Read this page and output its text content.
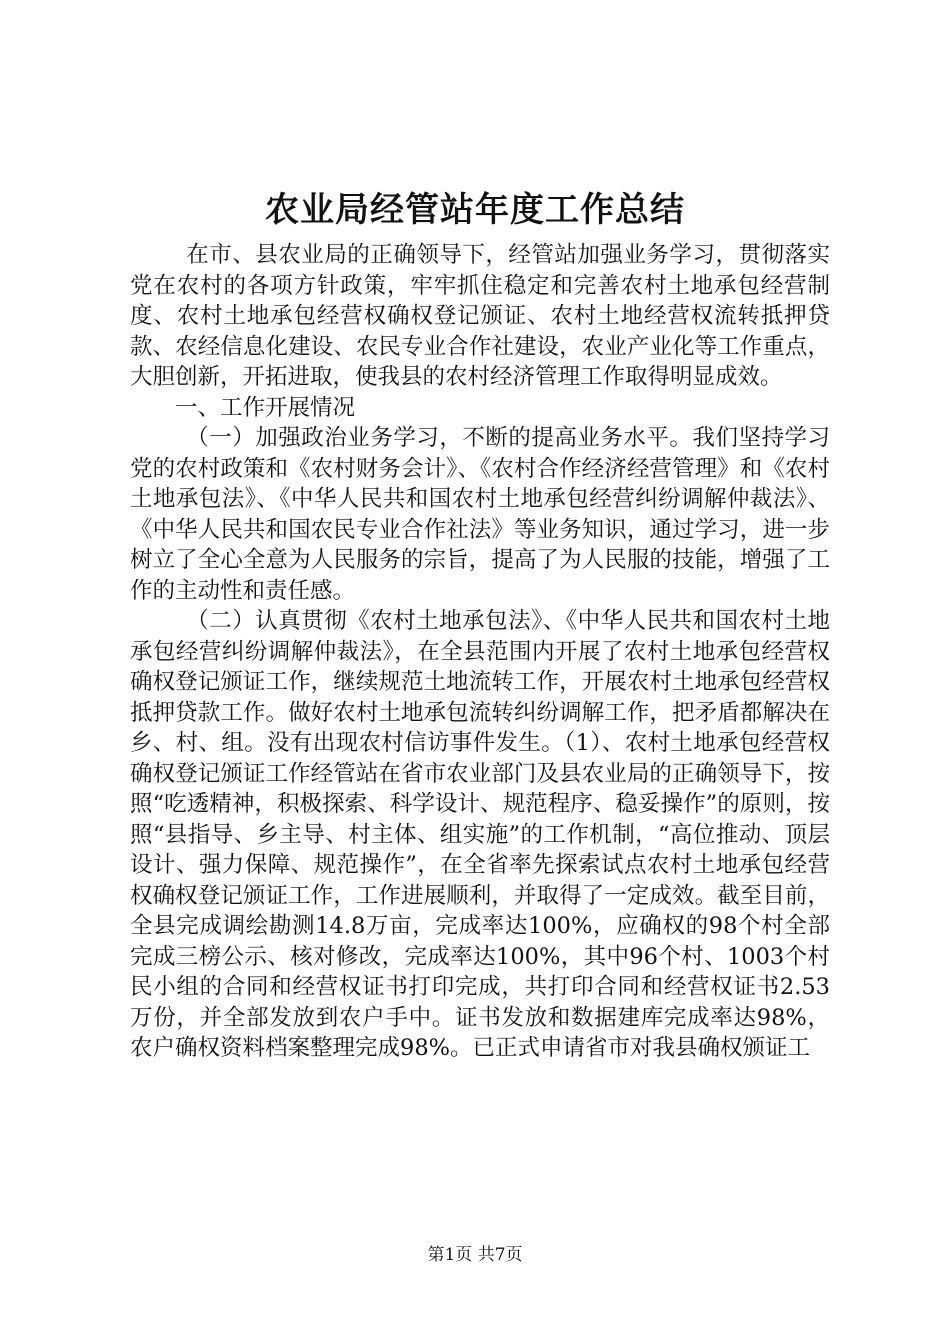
农业局经管站年度工作总结

在市、县农业局的正确领导下，经管站加强业务学习，贯彻落实党在农村的各项方针政策，牢牢抓住稳定和完善农村土地承包经营制度、农村土地承包经营权确权登记颁证、农村土地经营权流转抵押贷款、农经信息化建设、农民专业合作社建设，农业产业化等工作重点，大胆创新，开拓进取，使我县的农村经济管理工作取得明显成效。

一、工作开展情况

（一）加强政治业务学习，不断的提高业务水平。我们坚持学习党的农村政策和《农村财务会计》、《农村合作经济经营管理》和《农村土地承包法》、《中华人民共和国农村土地承包经营纠纷调解仲裁法》、《中华人民共和国农民专业合作社法》等业务知识，通过学习，进一步树立了全心全意为人民服务的宗旨，提高了为人民服的技能，增强了工作的主动性和责任感。

（二）认真贯彻《农村土地承包法》、《中华人民共和国农村土地承包经营纠纷调解仲裁法》，在全县范围内开展了农村土地承包经营权确权登记颁证工作，继续规范土地流转工作，开展农村土地承包经营权抵押贷款工作。做好农村土地承包流转纠纷调解工作，把矛盾都解决在乡、村、组。没有出现农村信访事件发生。（1）、农村土地承包经营权确权登记颁证工作经管站在省市农业部门及县农业局的正确领导下，按照“吃透精神，积极探索、科学设计、规范程序、稳妥操作”的原则，按照“县指导、乡主导、村主体、组实施”的工作机制，“高位推动、顶层设计、强力保障、规范操作”，在全省率先探索试点农村土地承包经营权确权登记颁证工作，工作进展顺利，并取得了一定成效。截至目前，全县完成调绘勘测14.8万亩，完成率达100%，应确权的98个村全部完成三榜公示、核对修改，完成率达100%，其中96个村、1003个村民小组的合同和经营权证书打印完成，共打印合同和经营权证书2.53万份，并全部发放到农户手中。证书发放和数据建库完成率达98%，农户确权资料档案整理完成98%。已正式申请省市对我县确权颁证工

第1页 共7页
